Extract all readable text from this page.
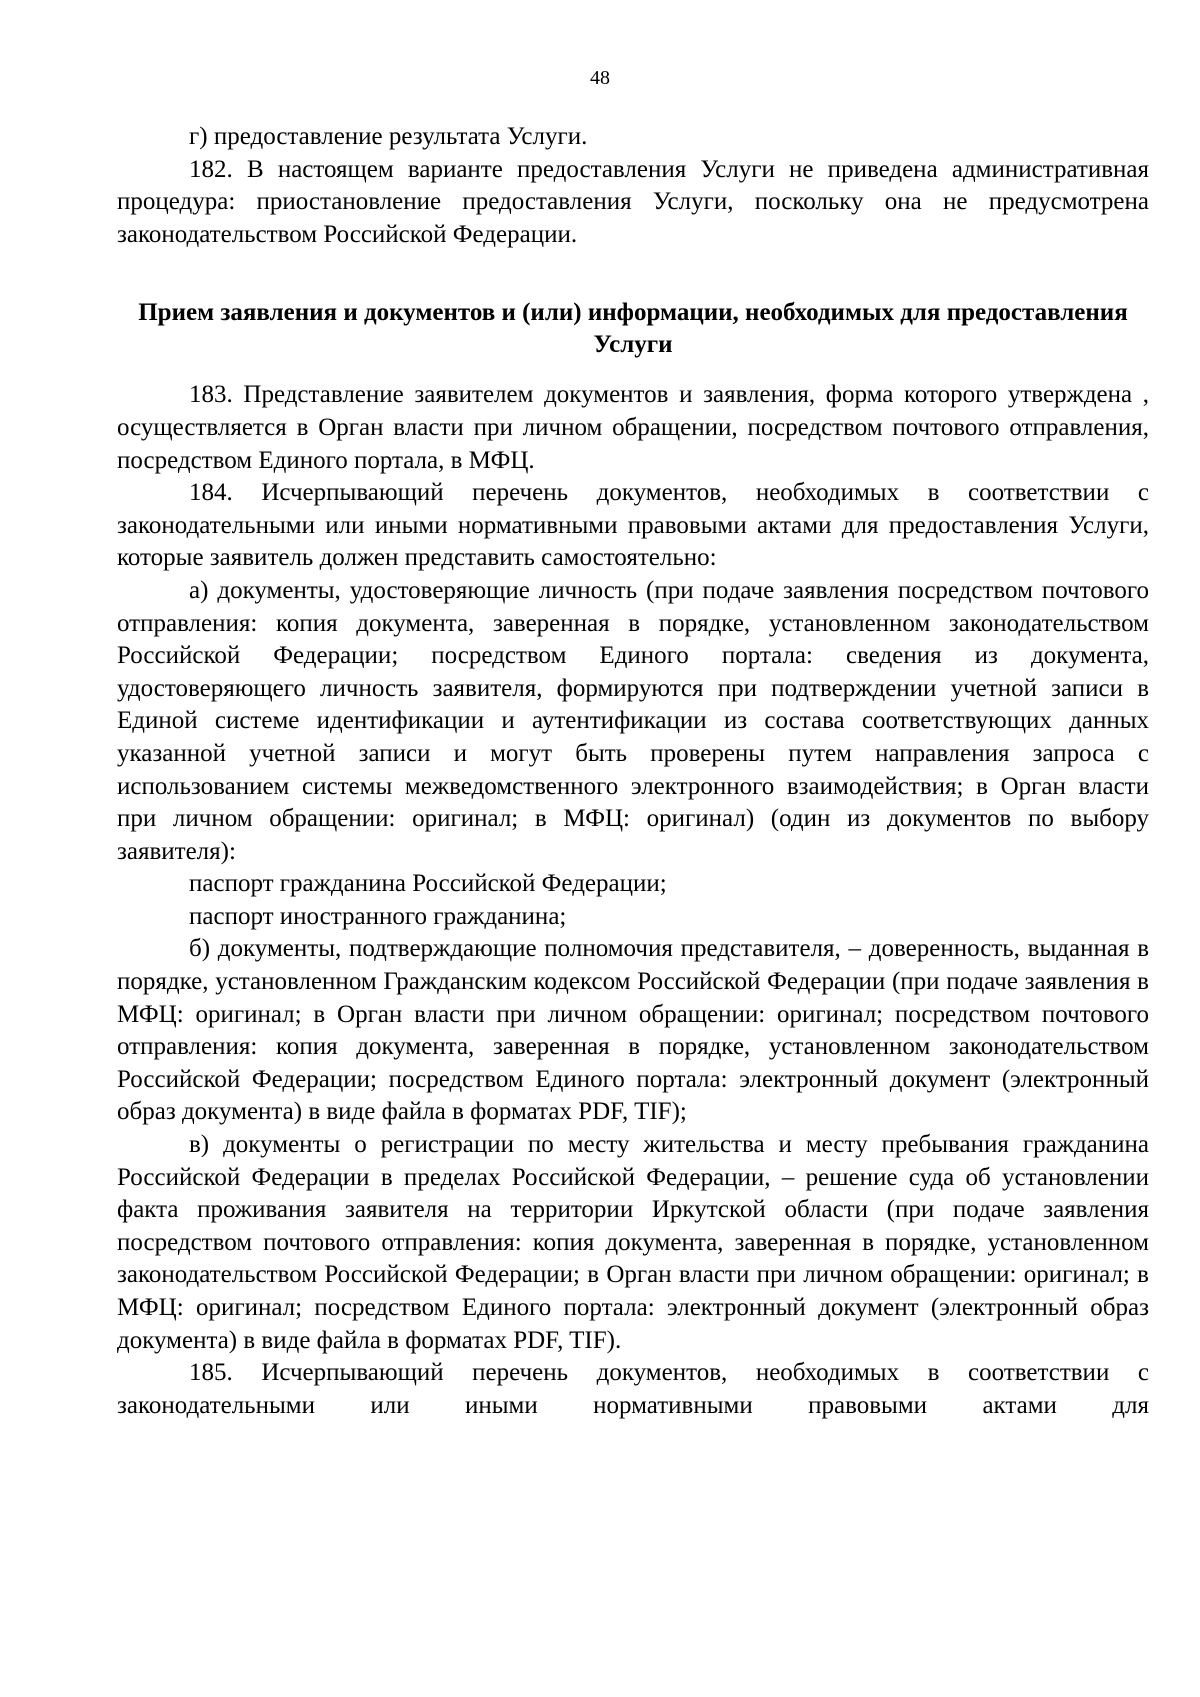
48

г) предоставление результата Услуги.

182. В настоящем варианте предоставления Услуги не приведена административная процедура: приостановление предоставления Услуги, поскольку она не предусмотрена законодательством Российской Федерации.

Прием заявления и документов и (или) информации, необходимых для предоставления Услуги

183. Представление заявителем документов и заявления, форма которого утверждена , осуществляется в Орган власти при личном обращении, посредством почтового отправления, посредством Единого портала, в МФЦ.

184. Исчерпывающий перечень документов, необходимых в соответствии с законодательными или иными нормативными правовыми актами для предоставления Услуги, которые заявитель должен представить самостоятельно:

а) документы, удостоверяющие личность (при подаче заявления посредством почтового отправления: копия документа, заверенная в порядке, установленном законодательством Российской Федерации; посредством Единого портала: сведения из документа, удостоверяющего личность заявителя, формируются при подтверждении учетной записи в Единой системе идентификации и аутентификации из состава соответствующих данных указанной учетной записи и могут быть проверены путем направления запроса с использованием системы межведомственного электронного взаимодействия; в Орган власти при личном обращении: оригинал; в МФЦ: оригинал) (один из документов по выбору заявителя):

паспорт гражданина Российской Федерации;

паспорт иностранного гражданина;

б) документы, подтверждающие полномочия представителя, – доверенность, выданная в порядке, установленном Гражданским кодексом Российской Федерации (при подаче заявления в МФЦ: оригинал; в Орган власти при личном обращении: оригинал; посредством почтового отправления: копия документа, заверенная в порядке, установленном законодательством Российской Федерации; посредством Единого портала: электронный документ (электронный образ документа) в виде файла в форматах PDF, TIF);

в) документы о регистрации по месту жительства и месту пребывания гражданина Российской Федерации в пределах Российской Федерации, – решение суда об установлении факта проживания заявителя на территории Иркутской области (при подаче заявления посредством почтового отправления: копия документа, заверенная в порядке, установленном законодательством Российской Федерации; в Орган власти при личном обращении: оригинал; в МФЦ: оригинал; посредством Единого портала: электронный документ (электронный образ документа) в виде файла в форматах PDF, TIF).

185. Исчерпывающий перечень документов, необходимых в соответствии с законодательными или иными нормативными правовыми актами для
